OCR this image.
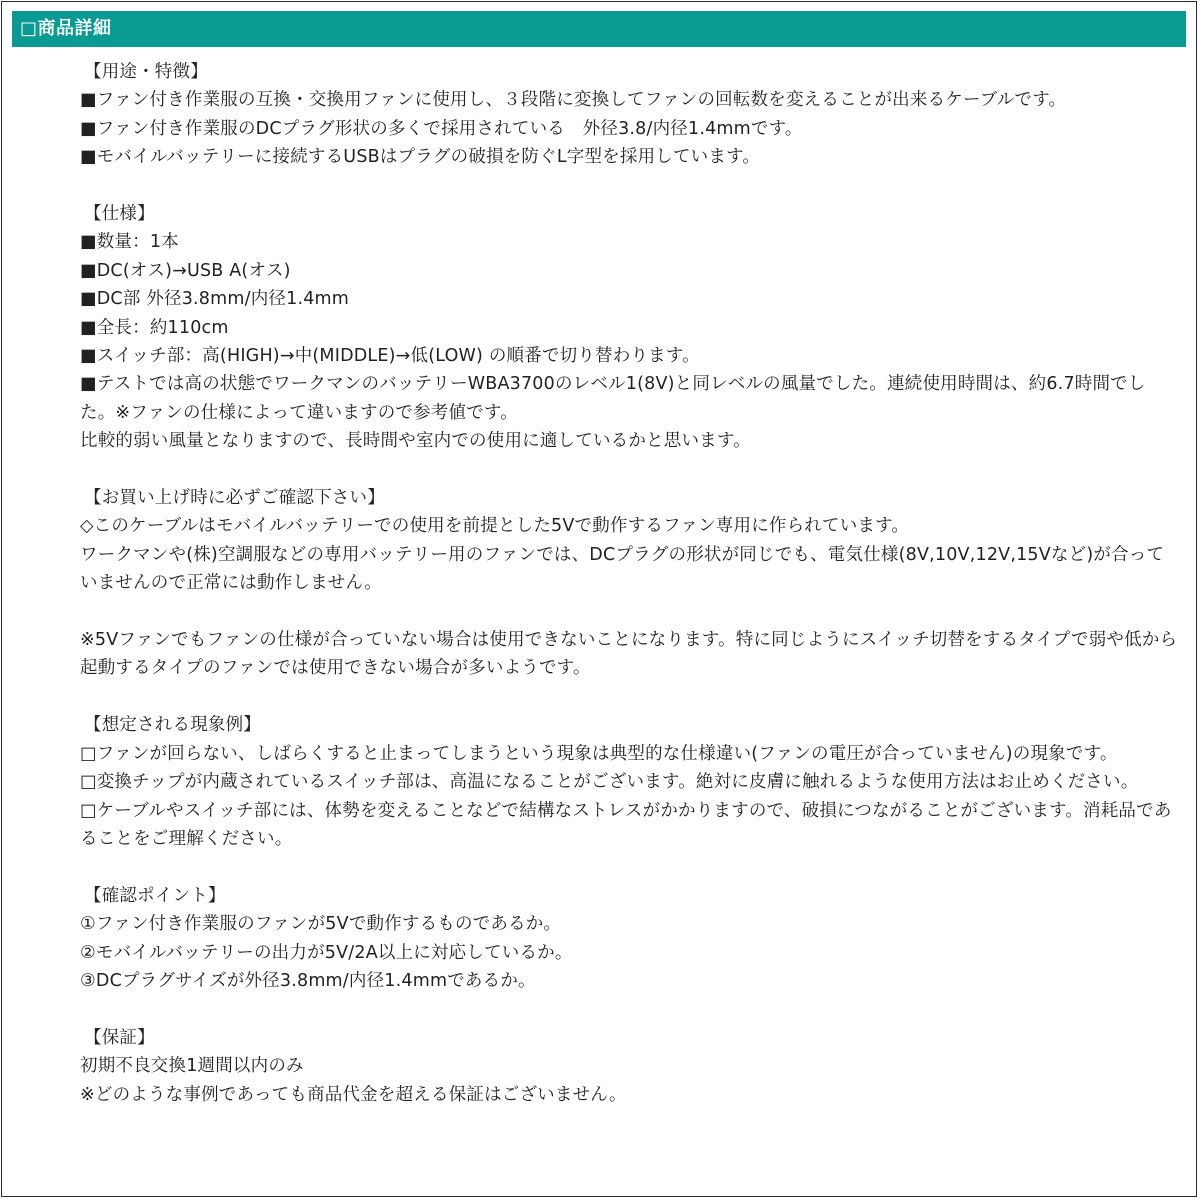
□商品詳細
【用途・特徴】
■ファン付き作業服の互換・交換用ファンに使用し、３段階に変換してファンの回転数を変えることが出来るケーブルです。
■ファン付き作業服のDCプラグ形状の多くで採用されている　外径3.8/内径1.4mmです。
■モバイルバッテリーに接続するUSBはプラグの破損を防ぐL字型を採用しています。
【仕様】
■数量：1本
■DC(オス)→USB A(オス)
■DC部 外径3.8mm/内径1.4mm
■全長：約110cm
■スイッチ部：高(HIGH)→中(MIDDLE)→低(LOW) の順番で切り替わります。
■テストでは高の状態でワークマンのバッテリーWBA3700のレベル1(8V)と同レベルの風量でした。連続使用時間は、約6.7時間でした。※ファンの仕様によって違いますので参考値です。
比較的弱い風量となりますので、長時間や室内での使用に適しているかと思います。
【お買い上げ時に必ずご確認下さい】
◇このケーブルはモバイルバッテリーでの使用を前提とした5Vで動作するファン専用に作られています。
ワークマンや(株)空調服などの専用バッテリー用のファンでは、DCプラグの形状が同じでも、電気仕様(8V,10V,12V,15Vなど)が合っていませんので正常には動作しません。
※5Vファンでもファンの仕様が合っていない場合は使用できないことになります。特に同じようにスイッチ切替をするタイプで弱や低から起動するタイプのファンでは使用できない場合が多いようです。
【想定される現象例】
□ファンが回らない、しばらくすると止まってしまうという現象は典型的な仕様違い(ファンの電圧が合っていません)の現象です。
□変換チップが内蔵されているスイッチ部は、高温になることがございます。絶対に皮膚に触れるような使用方法はお止めください。
□ケーブルやスイッチ部には、体勢を変えることなどで結構なストレスがかかりますので、破損につながることがございます。消耗品であることをご理解ください。
【確認ポイント】
①ファン付き作業服のファンが5Vで動作するものであるか。
②モバイルバッテリーの出力が5V/2A以上に対応しているか。
③DCプラグサイズが外径3.8mm/内径1.4mmであるか。
【保証】
初期不良交換1週間以内のみ
※どのような事例であっても商品代金を超える保証はございません。
